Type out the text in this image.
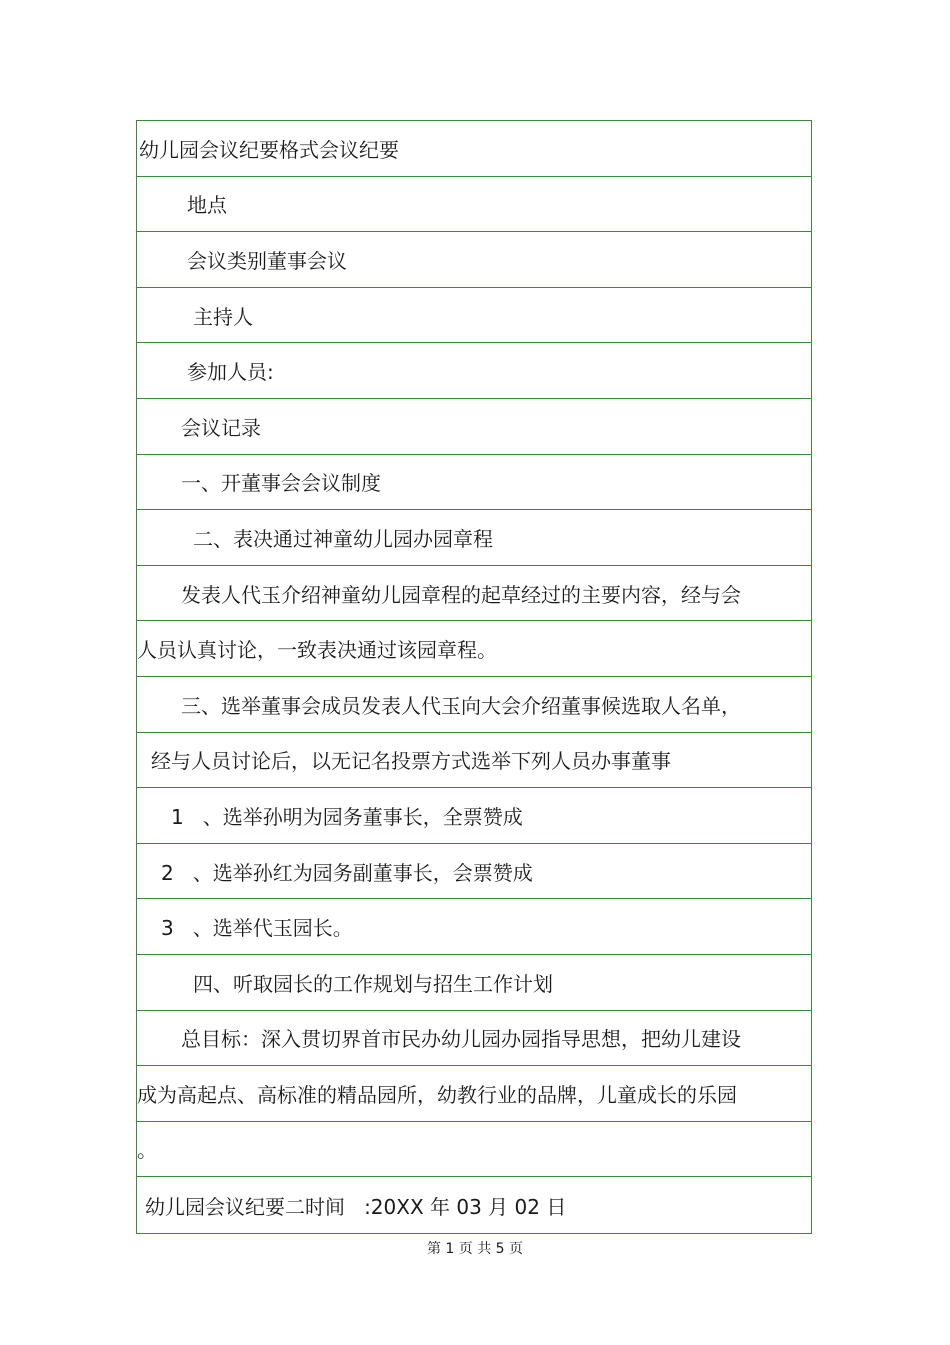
幼儿园会议纪要格式会议纪要
地点
会议类别董事会议
主持人
参加人员:
会议记录
一、开董事会会议制度
二、表决通过神童幼儿园办园章程
发表人代玉介绍神童幼儿园章程的起草经过的主要内容，经与会
人员认真讨论，一致表决通过该园章程。
三、选举董事会成员发表人代玉向大会介绍董事候选取人名单，
经与人员讨论后，以无记名投票方式选举下列人员办事董事
1   、选举孙明为园务董事长，全票赞成
2   、选举孙红为园务副董事长，会票赞成
3   、选举代玉园长。
四、听取园长的工作规划与招生工作计划
总目标：深入贯切界首市民办幼儿园办园指导思想，把幼儿建设
成为高起点、高标准的精品园所，幼教行业的品牌，儿童成长的乐园
。
幼儿园会议纪要二时间   :20XX 年 03 月 02 日
第 1 页 共 5 页
